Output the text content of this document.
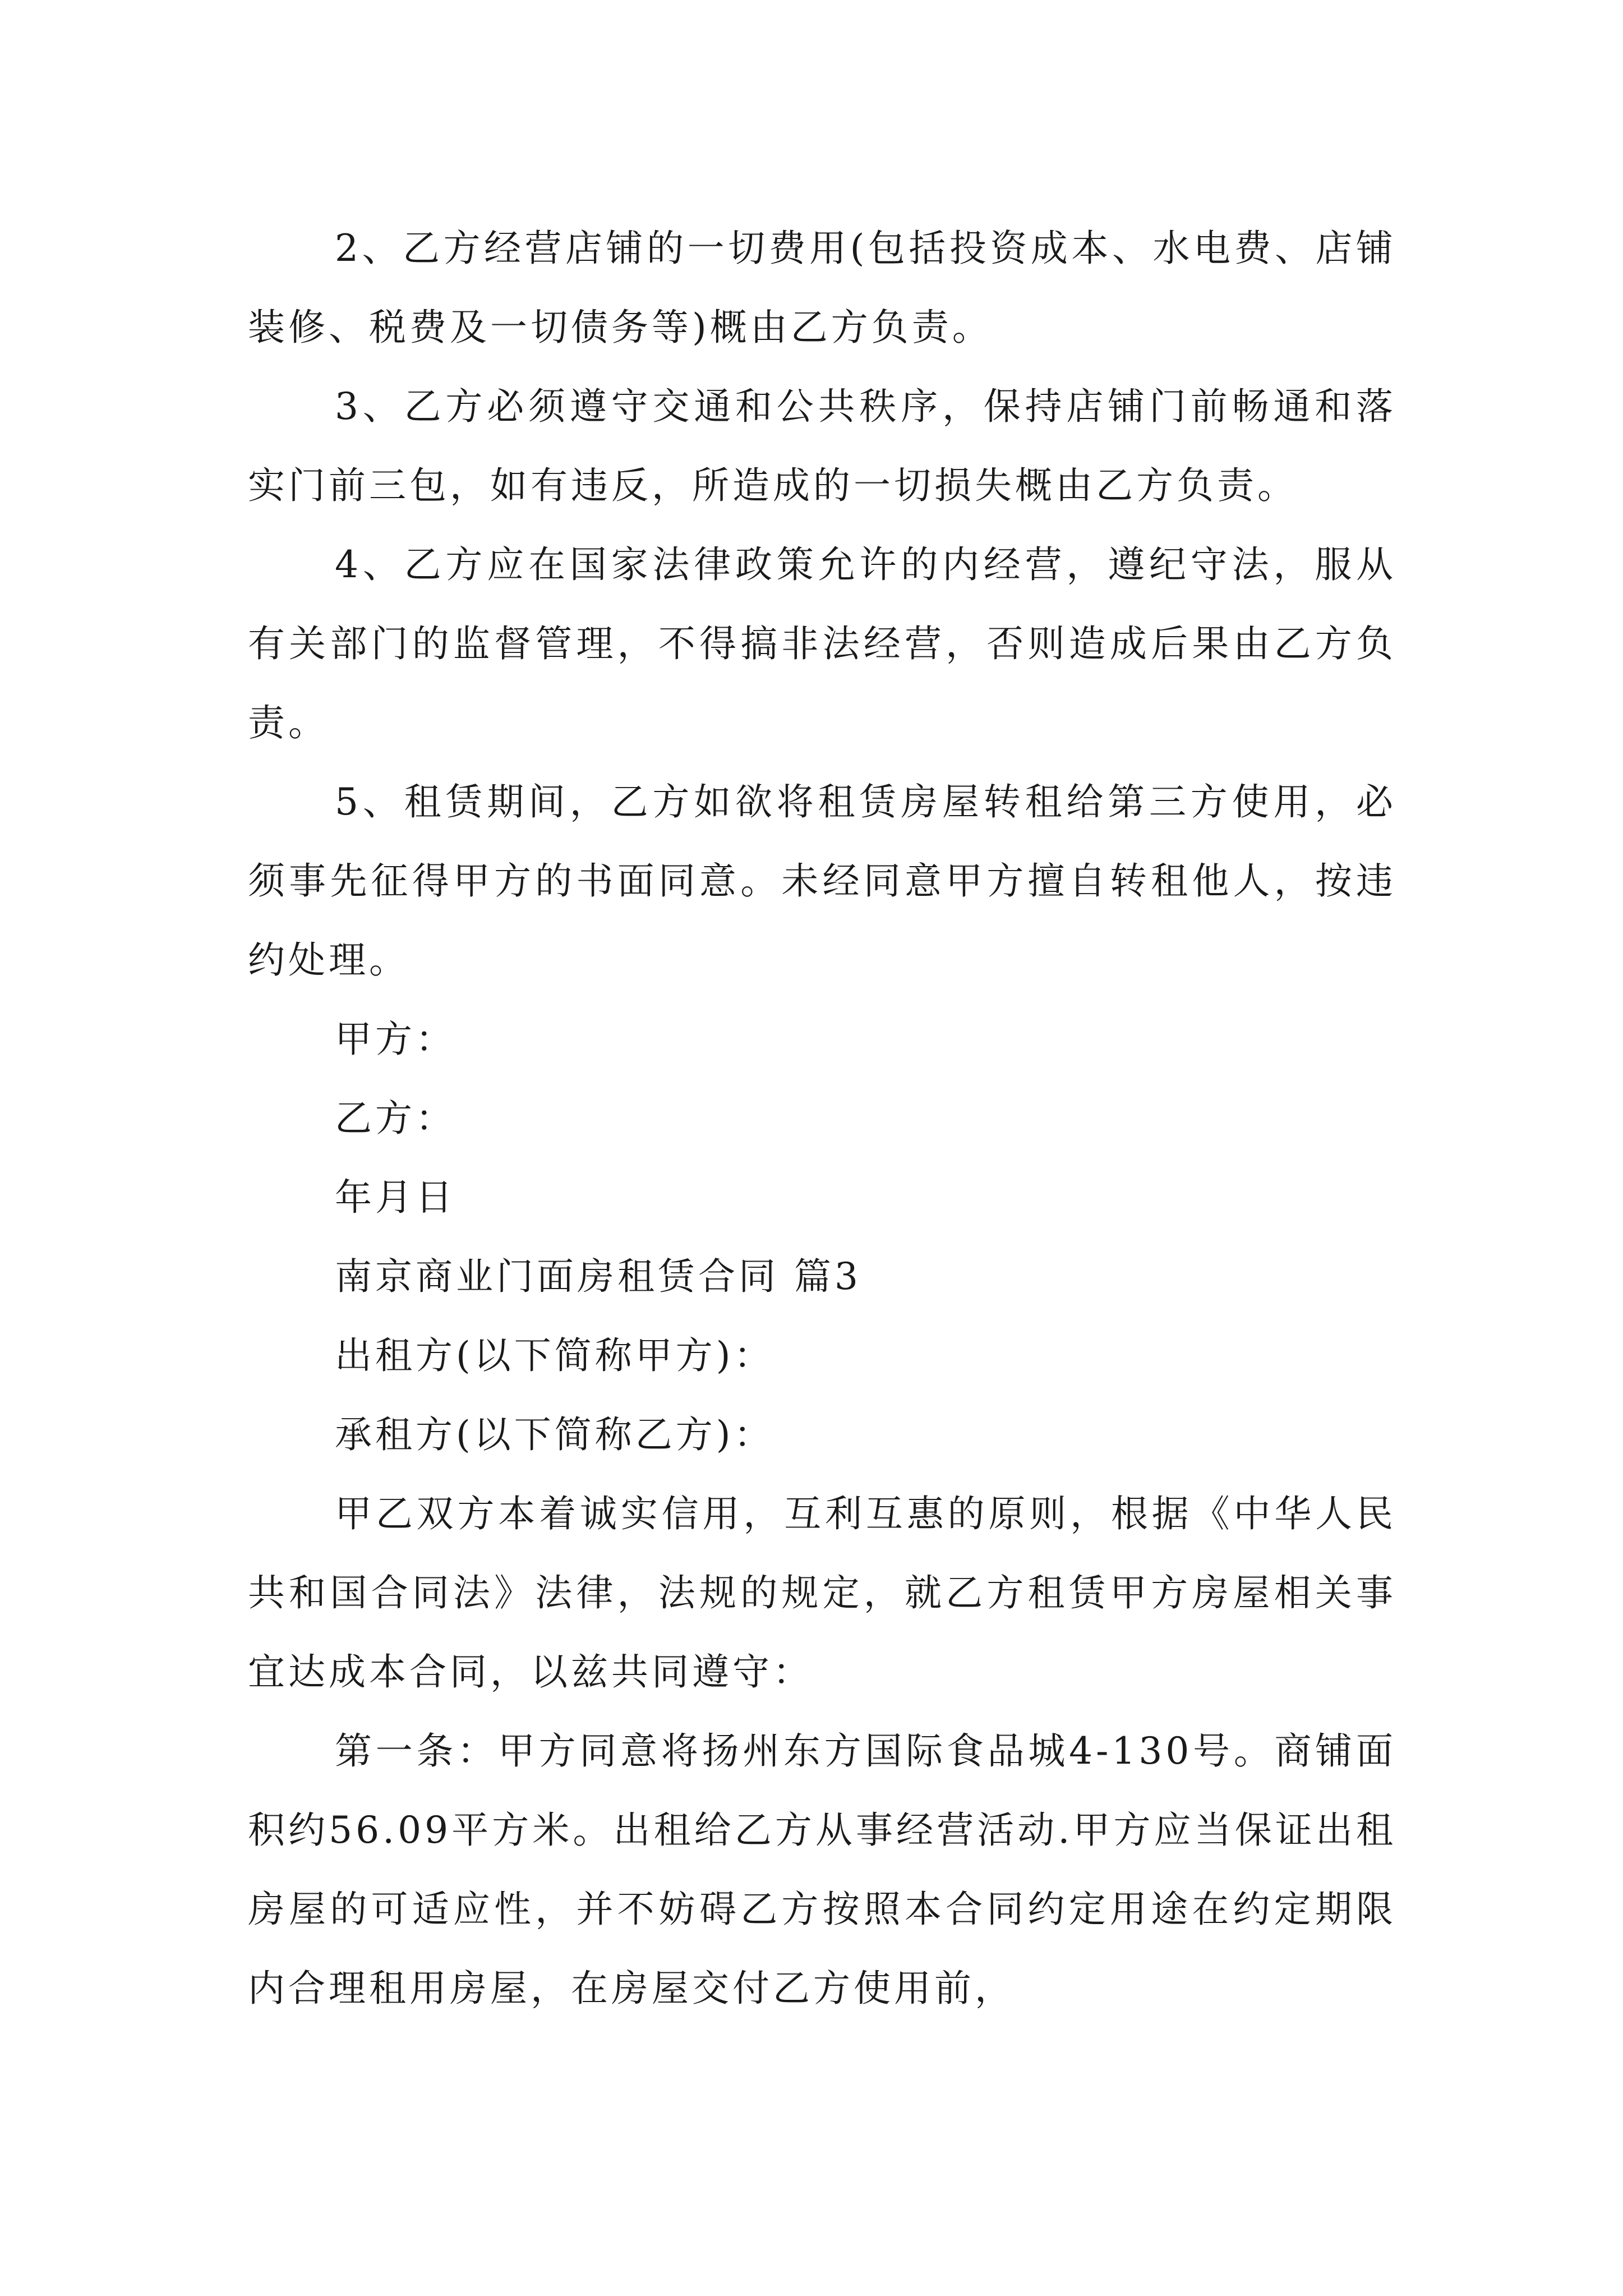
2、乙方经营店铺的一切费用(包括投资成本、水电费、店铺装修、税费及一切债务等)概由乙方负责。

3、乙方必须遵守交通和公共秩序，保持店铺门前畅通和落实门前三包，如有违反，所造成的一切损失概由乙方负责。

4、乙方应在国家法律政策允许的内经营，遵纪守法，服从有关部门的监督管理，不得搞非法经营，否则造成后果由乙方负责。

5、租赁期间，乙方如欲将租赁房屋转租给第三方使用，必须事先征得甲方的书面同意。未经同意甲方擅自转租他人，按违约处理。

甲方：

乙方：

年月日

南京商业门面房租赁合同 篇3

出租方(以下简称甲方)：

承租方(以下简称乙方)：

甲乙双方本着诚实信用，互利互惠的原则，根据《中华人民共和国合同法》法律，法规的规定，就乙方租赁甲方房屋相关事宜达成本合同，以兹共同遵守：

第一条：甲方同意将扬州东方国际食品城4-130号。商铺面积约56.09平方米。出租给乙方从事经营活动.甲方应当保证出租房屋的可适应性，并不妨碍乙方按照本合同约定用途在约定期限内合理租用房屋，在房屋交付乙方使用前，
